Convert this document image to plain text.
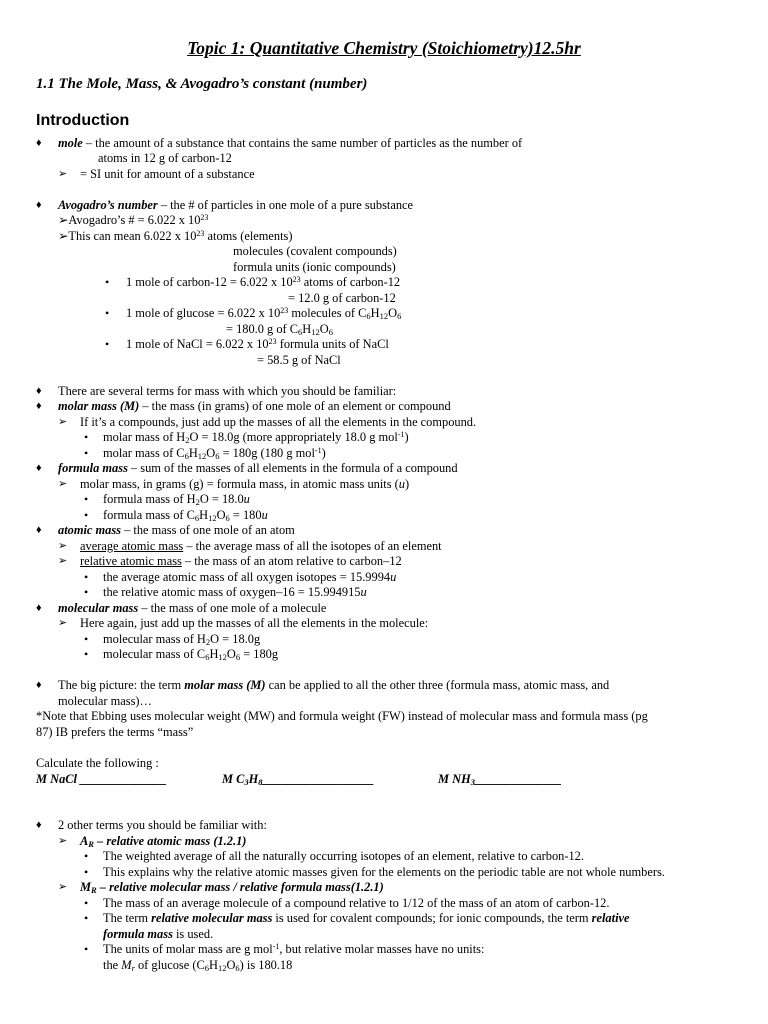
Topic 1: Quantitative Chemistry (Stoichiometry)12.5hr
1.1 The Mole, Mass, & Avogadro’s constant (number)
Introduction
♦ mole – the amount of a substance that contains the same number of particles as the number of
atoms in 12 g of carbon-12
➢ = SI unit for amount of a substance
♦ Avogadro’s number – the # of particles in one mole of a pure substance
➢Avogadro’s # = 6.022 x $10^{23}$
➢This can mean 6.022 x $10^{23}$ atoms (elements)
molecules (covalent compounds)
formula units (ionic compounds)
• 1 mole of carbon-12 = 6.022 x $10^{23}$ atoms of carbon-12
= 12.0 g of carbon-12
• 1 mole of glucose = 6.022 x $10^{23}$ molecules of $C_6H_{12}O_6$
= 180.0 g of $C_6H_{12}O_6$
• 1 mole of NaCl = 6.022 x $10^{23}$ formula units of NaCl
= 58.5 g of NaCl
♦ There are several terms for mass with which you should be familiar:
♦ molar mass (M) – the mass (in grams) of one mole of an element or compound
➢ If it’s a compounds, just add up the masses of all the elements in the compound.
• molar mass of $H_2O = 18.0g$ (more appropriately 18.0 g mol$^{-1}$)
• molar mass of $C_6H_{12}O_6 = 180g$ (180 g mol$^{-1}$)
♦ formula mass – sum of the masses of all elements in the formula of a compound
➢ molar mass, in grams (g) = formula mass, in atomic mass units (u)
• formula mass of $H_2O = 18.0u$
• formula mass of $C_6H_{12}O_6 = 180u$
♦ atomic mass – the mass of one mole of an atom
➢ average atomic mass – the average mass of all the isotopes of an element
➢ relative atomic mass – the mass of an atom relative to carbon–12
• the average atomic mass of all oxygen isotopes = 15.9994u
• the relative atomic mass of oxygen–16 = 15.994915u
♦ molecular mass – the mass of one mole of a molecule
➢ Here again, just add up the masses of all the elements in the molecule:
• molecular mass of $H_2O = 18.0g$
• molecular mass of $C_6H_{12}O_6 = 180g$
♦ The big picture: the term molar mass (M) can be applied to all the other three (formula mass, atomic mass, and
molecular mass)…
*Note that Ebbing uses molecular weight (MW) and formula weight (FW) instead of molecular mass and formula mass (pg
87) IB prefers the terms “mass”
Calculate the following :
M NaCl ______________	M $C_3H_8\_\_\_\_\_\_\_\_\_\_\_\_\_\_\_\_\_\_$	M $NH_3\_\_\_\_\_\_\_\_\_\_\_\_\_\_$
♦ 2 other terms you should be familiar with:
➢ $A_R$ – relative atomic mass (1.2.1)
• The weighted average of all the naturally occurring isotopes of an element, relative to carbon-12.
• This explains why the relative atomic masses given for the elements on the periodic table are not whole numbers.
➢ $M_R$ – relative molecular mass / relative formula mass(1.2.1)
• The mass of an average molecule of a compound relative to 1/12 of the mass of an atom of carbon-12.
• The term relative molecular mass is used for covalent compounds; for ionic compounds, the term relative
formula mass is used.
• The units of molar mass are g mol$^{-1}$, but relative molar masses have no units:
the $M_r$ of glucose $(C_6H_{12}O_6)$ is 180.18
